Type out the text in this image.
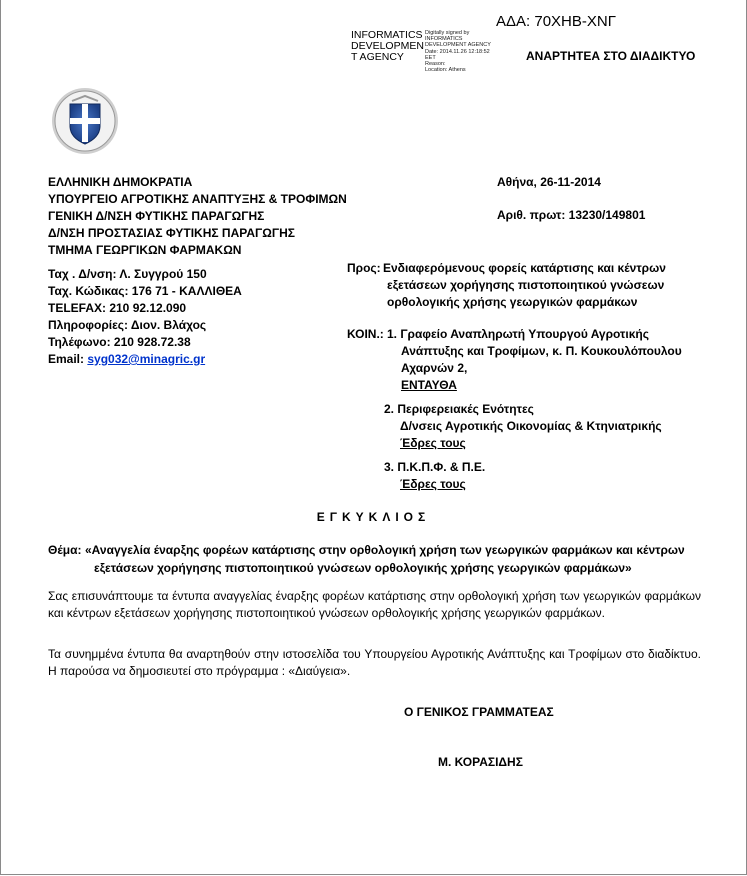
ΑΔΑ: 70ΧΗΒ-ΧΝΓ
INFORMATICS DEVELOPMEN T AGENCY
Digitally signed by
INFORMATICS
DEVELOPMENT AGENCY
Date: 2014.11.26 12:18:52
EET
Reason:
Location: Athens
ΑΝΑΡΤΗΤΕΑ ΣΤΟ ΔΙΑΔΙΚΤΥΟ
ΕΛΛΗΝΙΚΗ ΔΗΜΟΚΡΑΤΙΑ
ΥΠΟΥΡΓΕΙΟ ΑΓΡΟΤΙΚΗΣ ΑΝΑΠΤΥΞΗΣ & ΤΡΟΦΙΜΩΝ
ΓΕΝΙΚΗ Δ/ΝΣΗ ΦΥΤΙΚΗΣ ΠΑΡΑΓΩΓΗΣ
Δ/ΝΣΗ ΠΡΟΣΤΑΣΙΑΣ ΦΥΤΙΚΗΣ ΠΑΡΑΓΩΓΗΣ
ΤΜΗΜΑ ΓΕΩΡΓΙΚΩΝ ΦΑΡΜΑΚΩΝ
Ταχ . Δ/νση: Λ. Συγγρού 150
Ταχ. Κώδικας: 176 71 - ΚΑΛΛΙΘΕΑ
TELEFAX: 210 92.12.090
Πληροφορίες: Διον. Βλάχος
Τηλέφωνο: 210 928.72.38
Email: syg032@minagric.gr
Αθήνα, 26-11-2014
Αριθ. πρωτ: 13230/149801
Προς: Ενδιαφερόμενους φορείς κατάρτισης και κέντρων
εξετάσεων χορήγησης πιστοποιητικού γνώσεων
ορθολογικής χρήσης γεωργικών φαρμάκων
ΚΟΙΝ.: 1. Γραφείο Αναπληρωτή Υπουργού Αγροτικής
Ανάπτυξης και Τροφίμων, κ. Π. Κουκουλόπουλου
Αχαρνών 2,
ΕΝΤΑΥΘΑ
2. Περιφερειακές Ενότητες
Δ/νσεις Αγροτικής Οικονομίας & Κτηνιατρικής
Έδρες τους
3. Π.Κ.Π.Φ. & Π.Ε.
Έδρες τους
ΕΓΚΥΚΛΙΟΣ
Θέμα: «Αναγγελία έναρξης φορέων κατάρτισης στην ορθολογική χρήση των γεωργικών φαρμάκων και κέντρων
εξετάσεων χορήγησης πιστοποιητικού γνώσεων ορθολογικής χρήσης γεωργικών φαρμάκων»
Σας επισυνάπτουμε τα έντυπα αναγγελίας έναρξης φορέων κατάρτισης στην ορθολογική χρήση των γεωργικών φαρμάκων και κέντρων εξετάσεων χορήγησης πιστοποιητικού γνώσεων ορθολογικής χρήσης γεωργικών φαρμάκων.
Τα συνημμένα έντυπα θα αναρτηθούν στην ιστοσελίδα του Υπουργείου Αγροτικής Ανάπτυξης και Τροφίμων στο διαδίκτυο. Η παρούσα να δημοσιευτεί στο πρόγραμμα : «Διαύγεια».
Ο ΓΕΝΙΚΟΣ ΓΡΑΜΜΑΤΕΑΣ
Μ. ΚΟΡΑΣΙΔΗΣ
